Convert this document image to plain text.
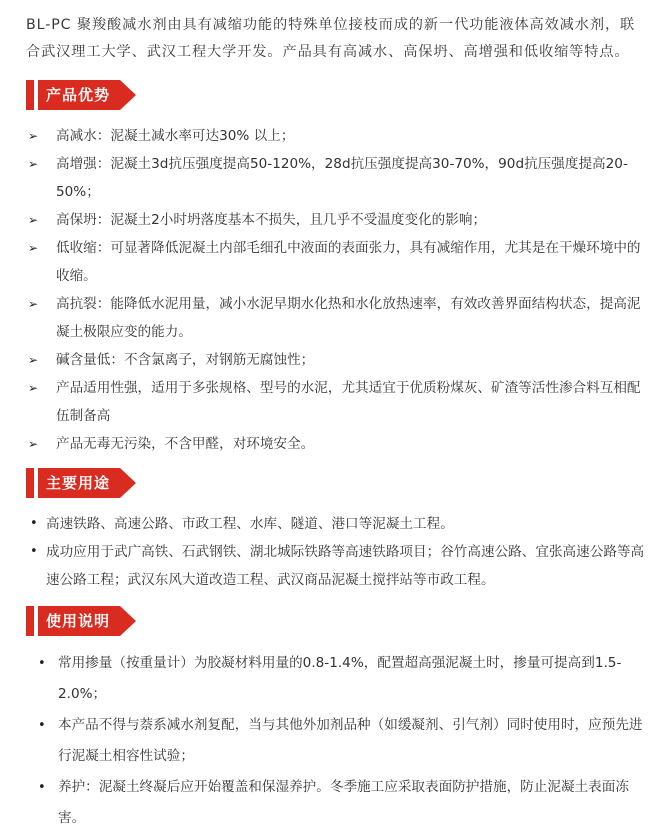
BL-PC 聚羧酸减水剂由具有减缩功能的特殊单位接枝而成的新一代功能液体高效减水剂，联合武汉理工大学、武汉工程大学开发。产品具有高减水、高保坍、高增强和低收缩等特点。

产品优势
➢ 高减水：泥凝土减水率可达30% 以上；
➢ 高增强：泥凝土3d抗压强度提高50-120%，28d抗压强度提高30-70%，90d抗压强度提高20-50%；
➢ 高保坍：泥凝土2小时坍落度基本不损失，且几乎不受温度变化的影响；
➢ 低收缩：可显著降低泥凝土内部毛细孔中液面的表面张力，具有减缩作用，尤其是在干燥环境中的收缩。
➢ 高抗裂：能降低水泥用量，减小水泥早期水化热和水化放热速率，有效改善界面结构状态，提高泥凝土极限应变的能力。
➢ 碱含量低：不含氯离子，对钢筋无腐蚀性；
➢ 产品适用性强，适用于多张规格、型号的水泥，尤其适宜于优质粉煤灰、矿渣等活性渗合料互相配伍制备高
➢ 产品无毒无污染，不含甲醛，对环境安全。
主要用途
• 高速铁路、高速公路、市政工程、水库、隧道、港口等泥凝土工程。
• 成功应用于武广高铁、石武钢铁、湖北城际铁路等高速铁路项目；谷竹高速公路、宜张高速公路等高速公路工程；武汉东风大道改造工程、武汉商品泥凝土搅拌站等市政工程。
使用说明
• 常用掺量（按重量计）为胶凝材料用量的0.8-1.4%，配置超高强泥凝土时，掺量可提高到1.5-2.0%；
• 本产品不得与萘系减水剂复配，当与其他外加剂品种（如缓凝剂、引气剂）同时使用时，应预先进行泥凝土相容性试验；
• 养护：泥凝土终凝后应开始覆盖和保湿养护。冬季施工应采取表面防护措施，防止泥凝土表面冻害。
